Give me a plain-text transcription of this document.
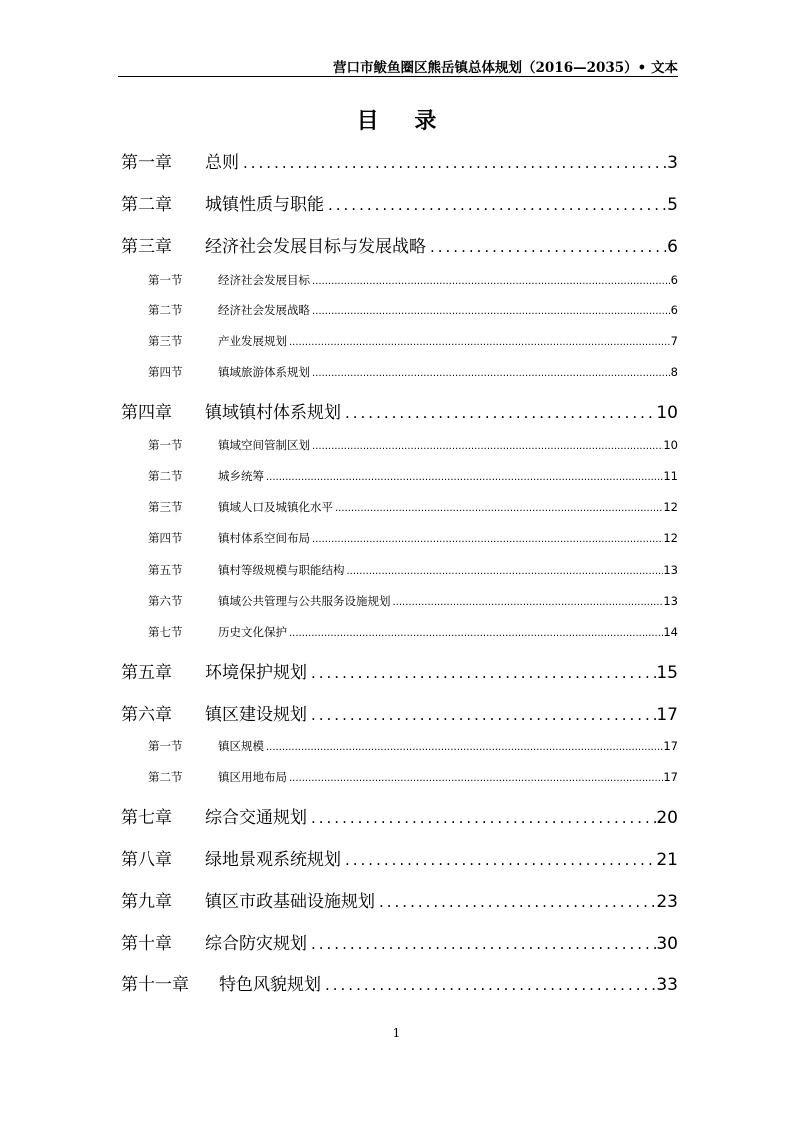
营口市鲅鱼圈区熊岳镇总体规划（2016—2035）• 文本
目 录
第一章	总则 .....	3
第二章	城镇性质与职能 .....	5
第三章	经济社会发展目标与发展战略 .....	6
第一节	经济社会发展目标 .....	6
第二节	经济社会发展战略 .....	6
第三节	产业发展规划 .....	7
第四节	镇域旅游体系规划 .....	8
第四章	镇域镇村体系规划 .....	10
第一节	镇域空间管制区划 .....	10
第二节	城乡统筹 .....	11
第三节	镇域人口及城镇化水平 .....	12
第四节	镇村体系空间布局 .....	12
第五节	镇村等级规模与职能结构 .....	13
第六节	镇域公共管理与公共服务设施规划 .....	13
第七节	历史文化保护 .....	14
第五章	环境保护规划 .....	15
第六章	镇区建设规划 .....	17
第一节	镇区规模 .....	17
第二节	镇区用地布局 .....	17
第七章	综合交通规划 .....	20
第八章	绿地景观系统规划 .....	21
第九章	镇区市政基础设施规划 .....	23
第十章	综合防灾规划 .....	30
第十一章	特色风貌规划 .....	33
1
